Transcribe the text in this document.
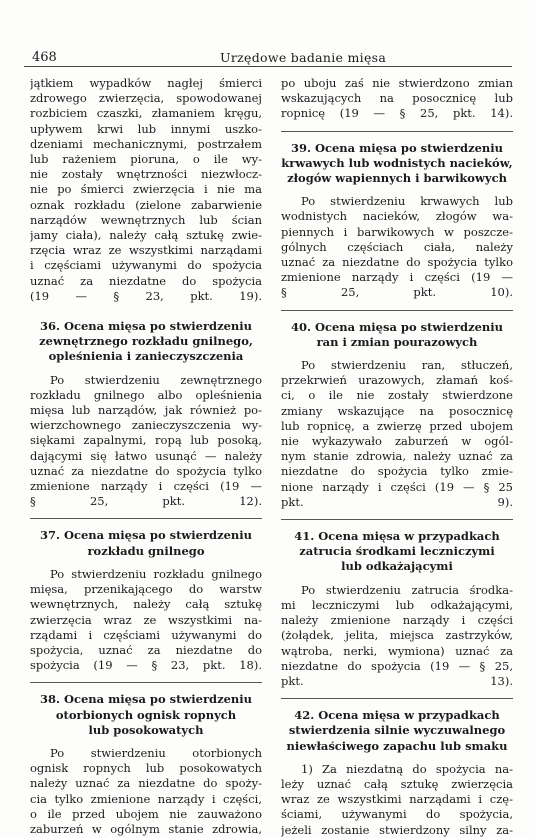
468	Urzędowe badanie mięsa

jątkiem wypadków nagłej śmierci
zdrowego zwierzęcia, spowodowanej
rozbiciem czaszki, złamaniem kręgu,
upływem krwi lub innymi uszko-
dzeniami mechanicznymi, postrzałem
lub rażeniem pioruna, o ile wy-
nie zostały wnętrzności niezwłocz-
nie po śmierci zwierzęcia i nie ma
oznak rozkładu (zielone zabarwienie
narządów wewnętrznych lub ścian
jamy ciała), należy całą sztukę zwie-
rzęcia wraz ze wszystkimi narządami
i częściami używanymi do spożycia
uznać za niezdatne do spożycia
(19 — § 23, pkt. 19).

36. Ocena mięsa po stwierdzeniu
zewnętrznego rozkładu gnilnego,
opleśnienia i zanieczyszczenia

Po stwierdzeniu zewnętrznego
rozkładu gnilnego albo opleśnienia
mięsa lub narządów, jak również po-
wierzchownego zanieczyszczenia wy-
siękami zapalnymi, ropą lub posoką,
dającymi się łatwo usunąć — należy
uznać za niezdatne do spożycia tylko
zmienione narządy i części (19 —
§ 25, pkt. 12).

37. Ocena mięsa po stwierdzeniu
rozkładu gnilnego

Po stwierdzeniu rozkładu gnilnego
mięsa, przenikającego do warstw
wewnętrznych, należy całą sztukę
zwierzęcia wraz ze wszystkimi na-
rządami i częściami używanymi do
spożycia, uznać za niezdatne do
spożycia (19 — § 23, pkt. 18).

38. Ocena mięsa po stwierdzeniu
otorbionych ognisk ropnych
lub posokowatych

Po stwierdzeniu otorbionych
ognisk ropnych lub posokowatych
należy uznać za niezdatne do spoży-
cia tylko zmienione narządy i części,
o ile przed ubojem nie zauważono
zaburzeń w ogólnym stanie zdrowia,

po uboju zaś nie stwierdzono zmian
wskazujących na posocznicę lub
ropnicę (19 — § 25, pkt. 14).

39. Ocena mięsa po stwierdzeniu
krwawych lub wodnistych nacieków,
złogów wapiennych i barwikowych

Po stwierdzeniu krwawych lub
wodnistych nacieków, złogów wa-
piennych i barwikowych w poszcze-
gólnych częściach ciała, należy
uznać za niezdatne do spożycia tylko
zmienione narządy i części (19 —
§ 25, pkt. 10).

40. Ocena mięsa po stwierdzeniu
ran i zmian pourazowych

Po stwierdzeniu ran, stłuczeń,
przekrwień urazowych, złamań koś-
ci, o ile nie zostały stwierdzone
zmiany wskazujące na posocznicę
lub ropnicę, a zwierzę przed ubojem
nie wykazywało zaburzeń w ogól-
nym stanie zdrowia, należy uznać za
niezdatne do spożycia tylko zmie-
nione narządy i części (19 — § 25
pkt. 9).

41. Ocena mięsa w przypadkach
zatrucia środkami leczniczymi
lub odkażającymi

Po stwierdzeniu zatrucia środka-
mi leczniczymi lub odkażającymi,
należy zmienione narządy i części
(żołądek, jelita, miejsca zastrzyków,
wątroba, nerki, wymiona) uznać za
niezdatne do spożycia (19 — § 25,
pkt. 13).

42. Ocena mięsa w przypadkach
stwierdzenia silnie wyczuwalnego
niewłaściwego zapachu lub smaku

1) Za niezdatną do spożycia na-
leży uznać całą sztukę zwierzęcia
wraz ze wszystkimi narządami i czę-
ściami, używanymi do spożycia,
jeżeli zostanie stwierdzony silny za-
